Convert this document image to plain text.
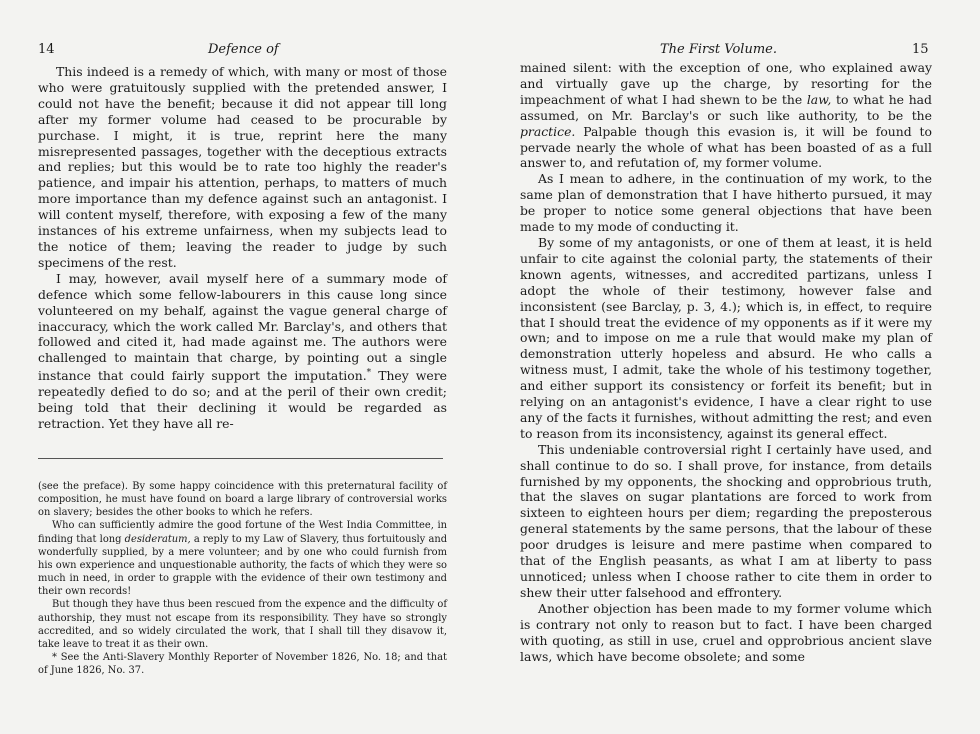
14	Defence of

This indeed is a remedy of which, with many or most of those who were gratuitously supplied with the pretended answer, I could not have the benefit; because it did not appear till long after my former volume had ceased to be procurable by purchase. I might, it is true, reprint here the many misrepresented passages, together with the deceptious extracts and replies; but this would be to rate too highly the reader's patience, and impair his attention, perhaps, to matters of much more importance than my defence against such an antagonist. I will content myself, therefore, with exposing a few of the many instances of his extreme unfairness, when my subjects lead to the notice of them; leaving the reader to judge by such specimens of the rest.

I may, however, avail myself here of a summary mode of defence which some fellow-labourers in this cause long since volunteered on my behalf, against the vague general charge of inaccuracy, which the work called Mr. Barclay's, and others that followed and cited it, had made against me. The authors were challenged to maintain that charge, by pointing out a single instance that could fairly support the imputation.* They were repeatedly defied to do so; and at the peril of their own credit; being told that their declining it would be regarded as retraction. Yet they have all re-

(see the preface). By some happy coincidence with this preternatural facility of composition, he must have found on board a large library of controversial works on slavery; besides the other books to which he refers.

Who can sufficiently admire the good fortune of the West India Committee, in finding that long desideratum, a reply to my Law of Slavery, thus fortuitously and wonderfully supplied, by a mere volunteer; and by one who could furnish from his own experience and unquestionable authority, the facts of which they were so much in need, in order to grapple with the evidence of their own testimony and their own records!

But though they have thus been rescued from the expence and the difficulty of authorship, they must not escape from its responsibility. They have so strongly accredited, and so widely circulated the work, that I shall till they disavow it, take leave to treat it as their own.

* See the Anti-Slavery Monthly Reporter of November 1826, No. 18; and that of June 1826, No. 37.

The First Volume.	15

mained silent: with the exception of one, who explained away and virtually gave up the charge, by resorting for the impeachment of what I had shewn to be the law, to what he had assumed, on Mr. Barclay's or such like authority, to be the practice. Palpable though this evasion is, it will be found to pervade nearly the whole of what has been boasted of as a full answer to, and refutation of, my former volume.

As I mean to adhere, in the continuation of my work, to the same plan of demonstration that I have hitherto pursued, it may be proper to notice some general objections that have been made to my mode of conducting it.

By some of my antagonists, or one of them at least, it is held unfair to cite against the colonial party, the statements of their known agents, witnesses, and accredited partizans, unless I adopt the whole of their testimony, however false and inconsistent (see Barclay, p. 3, 4.); which is, in effect, to require that I should treat the evidence of my opponents as if it were my own; and to impose on me a rule that would make my plan of demonstration utterly hopeless and absurd. He who calls a witness must, I admit, take the whole of his testimony together, and either support its consistency or forfeit its benefit; but in relying on an antagonist's evidence, I have a clear right to use any of the facts it furnishes, without admitting the rest; and even to reason from its inconsistency, against its general effect.

This undeniable controversial right I certainly have used, and shall continue to do so. I shall prove, for instance, from details furnished by my opponents, the shocking and opprobrious truth, that the slaves on sugar plantations are forced to work from sixteen to eighteen hours per diem; regarding the preposterous general statements by the same persons, that the labour of these poor drudges is leisure and mere pastime when compared to that of the English peasants, as what I am at liberty to pass unnoticed; unless when I choose rather to cite them in order to shew their utter falsehood and effrontery.

Another objection has been made to my former volume which is contrary not only to reason but to fact. I have been charged with quoting, as still in use, cruel and opprobrious ancient slave laws, which have become obsolete; and some
